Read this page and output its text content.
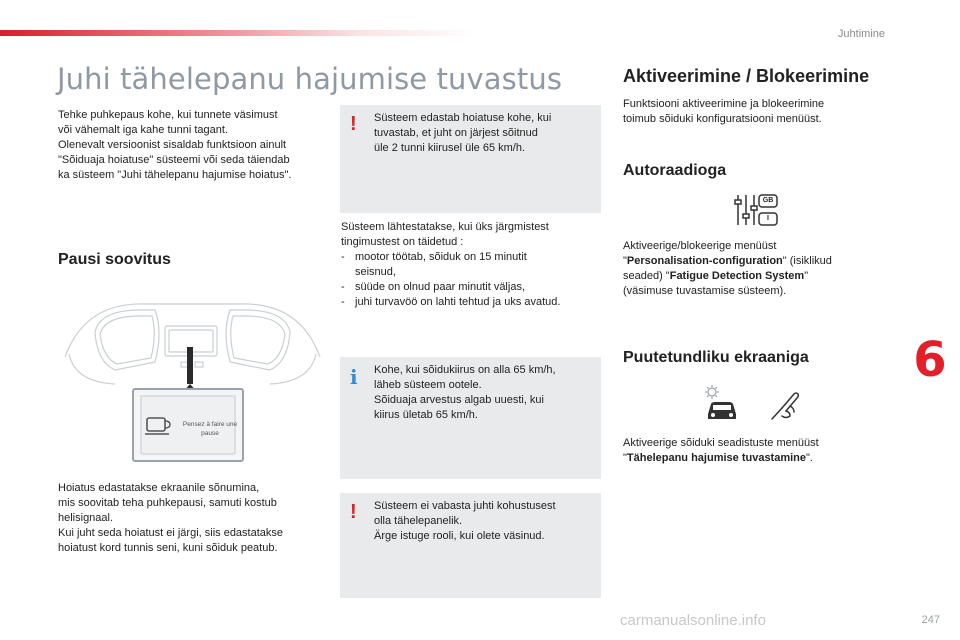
Juhtimine
Juhi tähelepanu hajumise tuvastus
Tehke puhkepaus kohe, kui tunnete väsimust
või vähemalt iga kahe tunni tagant.
Olenevalt versioonist sisaldab funktsioon ainult
"Sõiduaja hoiatuse" süsteemi või seda täiendab
ka süsteem "Juhi tähelepanu hajumise hoiatus".
Pausi soovitus
Pensez à faire une
pause
Hoiatus edastatakse ekraanile sõnumina,
mis soovitab teha puhkepausi, samuti kostub
helisignaal.
Kui juht seda hoiatust ei järgi, siis edastatakse
hoiatust kord tunnis seni, kuni sõiduk peatub.
! Süsteem edastab hoiatuse kohe, kui
tuvastab, et juht on järjest sõitnud
üle 2 tunni kiirusel üle 65 km/h.
Süsteem lähtestatakse, kui üks järgmistest
tingimustest on täidetud :
- mootor töötab, sõiduk on 15 minutit seisnud,
- süüde on olnud paar minutit väljas,
- juhi turvavöö on lahti tehtud ja uks avatud.
i Kohe, kui sõidukiirus on alla 65 km/h,
läheb süsteem ootele.
Sõiduaja arvestus algab uuesti, kui
kiirus ületab 65 km/h.
! Süsteem ei vabasta juhti kohustusest
olla tähelepanelik.
Ärge istuge rooli, kui olete väsinud.
Aktiveerimine / Blokeerimine
Funktsiooni aktiveerimine ja blokeerimine
toimub sõiduki konfiguratsiooni menüüst.
Autoraadioga
GB
I
Aktiveerige/blokeerige menüüst
"Personalisation-configuration" (isiklikud
seaded) "Fatigue Detection System"
(väsimuse tuvastamise süsteem).
Puutetundliku ekraaniga
Aktiveerige sõiduki seadistuste menüüst
"Tähelepanu hajumise tuvastamine".
6
247
carmanualsonline.info
